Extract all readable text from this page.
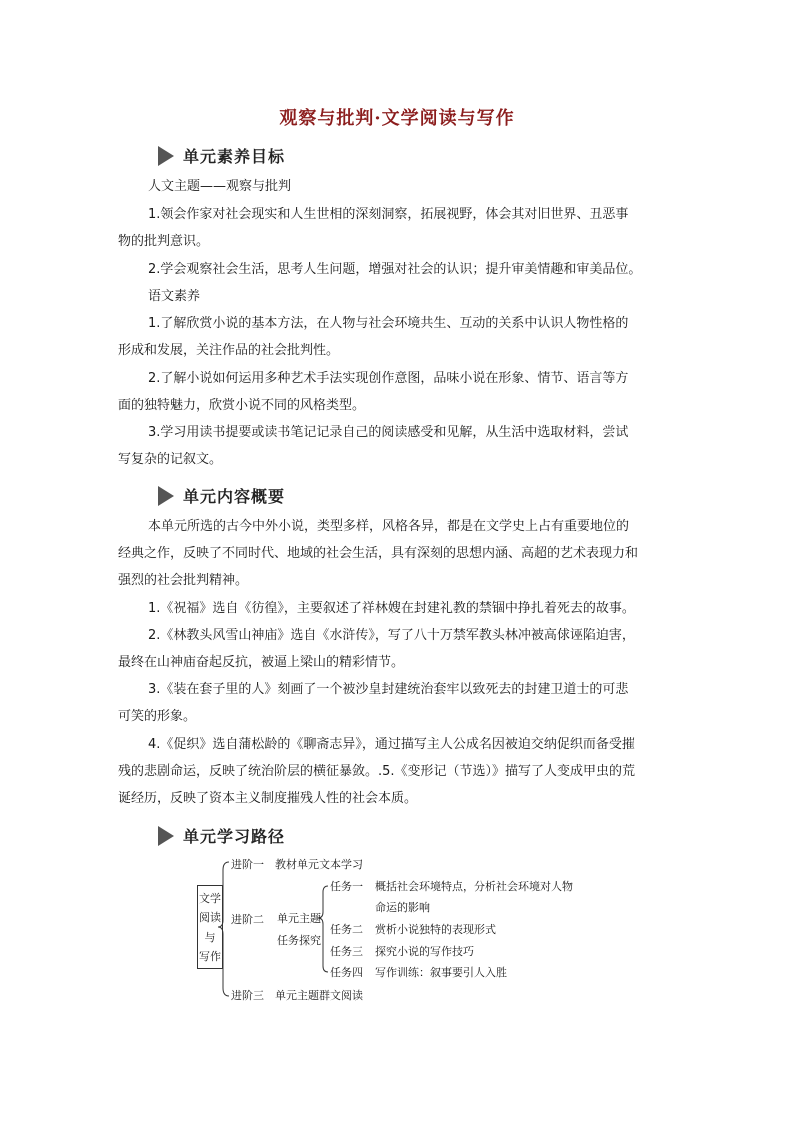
观察与批判·文学阅读与写作
单元素养目标
人文主题——观察与批判
1.领会作家对社会现实和人生世相的深刻洞察，拓展视野，体会其对旧世界、丑恶事
物的批判意识。
2.学会观察社会生活，思考人生问题，增强对社会的认识；提升审美情趣和审美品位。
语文素养
1.了解欣赏小说的基本方法，在人物与社会环境共生、互动的关系中认识人物性格的
形成和发展，关注作品的社会批判性。
2.了解小说如何运用多种艺术手法实现创作意图，品味小说在形象、情节、语言等方
面的独特魅力，欣赏小说不同的风格类型。
3.学习用读书提要或读书笔记记录自己的阅读感受和见解，从生活中选取材料，尝试
写复杂的记叙文。
单元内容概要
本单元所选的古今中外小说，类型多样，风格各异，都是在文学史上占有重要地位的
经典之作，反映了不同时代、地域的社会生活，具有深刻的思想内涵、高超的艺术表现力和
强烈的社会批判精神。
1.《祝福》选自《彷徨》，主要叙述了祥林嫂在封建礼教的禁锢中挣扎着死去的故事。
2.《林教头风雪山神庙》选自《水浒传》，写了八十万禁军教头林冲被高俅诬陷迫害，
最终在山神庙奋起反抗，被逼上梁山的精彩情节。
3.《装在套子里的人》刻画了一个被沙皇封建统治套牢以致死去的封建卫道士的可悲
可笑的形象。
4.《促织》选自蒲松龄的《聊斋志异》，通过描写主人公成名因被迫交纳促织而备受摧
残的悲剧命运，反映了统治阶层的横征暴敛。.5.《变形记（节选）》描写了人变成甲虫的荒
诞经历，反映了资本主义制度摧残人性的社会本质。
单元学习路径
文学
阅读
与
写作
进阶一　教材单元文本学习
进阶二 单元主题
任务探究
进阶三　单元主题群文阅读
任务一 概括社会环境特点，分析社会环境对人物
命运的影响
任务二 赏析小说独特的表现形式
任务三 探究小说的写作技巧
任务四 写作训练：叙事要引人入胜
